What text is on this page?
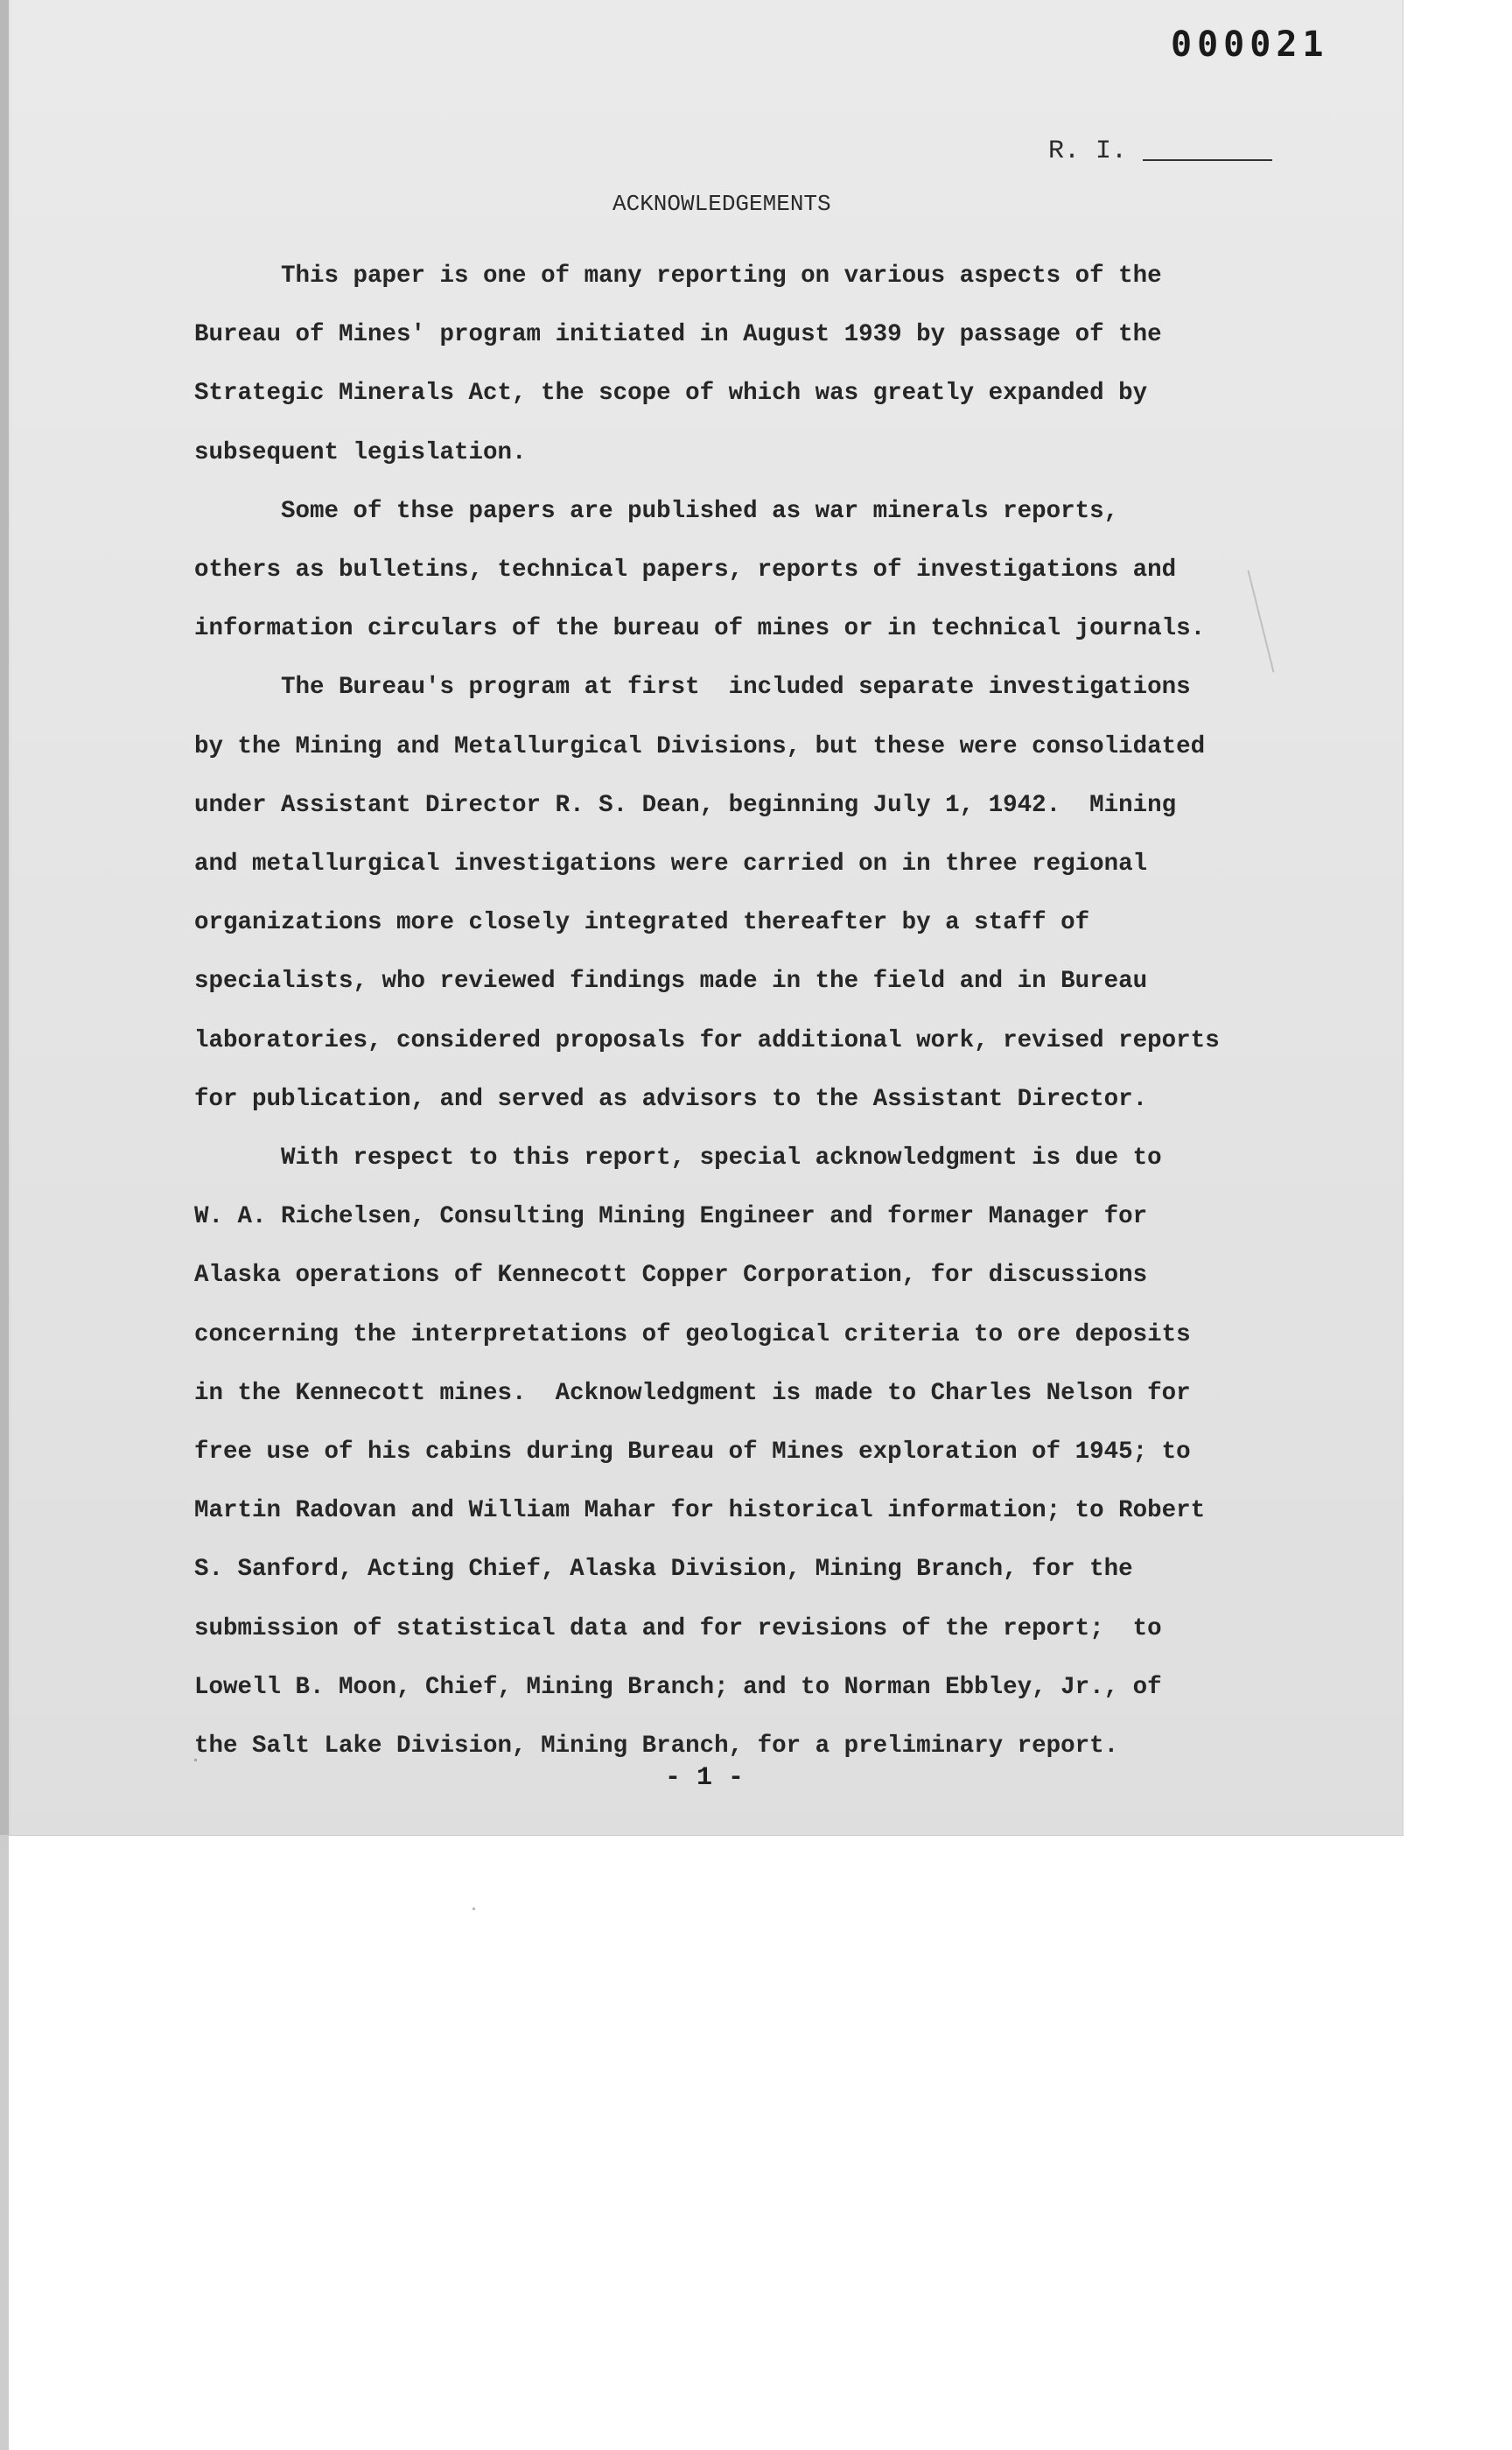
000021
R. I.
ACKNOWLEDGEMENTS

This paper is one of many reporting on various aspects of the

Bureau of Mines' program initiated in August 1939 by passage of the

Strategic Minerals Act, the scope of which was greatly expanded by

subsequent legislation.

Some of thse papers are published as war minerals reports,

others as bulletins, technical papers, reports of investigations and

information circulars of the bureau of mines or in technical journals.

The Bureau's program at first  included separate investigations

by the Mining and Metallurgical Divisions, but these were consolidated

under Assistant Director R. S. Dean, beginning July 1, 1942.  Mining

and metallurgical investigations were carried on in three regional

organizations more closely integrated thereafter by a staff of

specialists, who reviewed findings made in the field and in Bureau

laboratories, considered proposals for additional work, revised reports

for publication, and served as advisors to the Assistant Director.

With respect to this report, special acknowledgment is due to

W. A. Richelsen, Consulting Mining Engineer and former Manager for

Alaska operations of Kennecott Copper Corporation, for discussions

concerning the interpretations of geological criteria to ore deposits

in the Kennecott mines.  Acknowledgment is made to Charles Nelson for

free use of his cabins during Bureau of Mines exploration of 1945; to

Martin Radovan and William Mahar for historical information; to Robert

S. Sanford, Acting Chief, Alaska Division, Mining Branch, for the

submission of statistical data and for revisions of the report;  to

Lowell B. Moon, Chief, Mining Branch; and to Norman Ebbley, Jr., of

the Salt Lake Division, Mining Branch, for a preliminary report.

- 1 -
